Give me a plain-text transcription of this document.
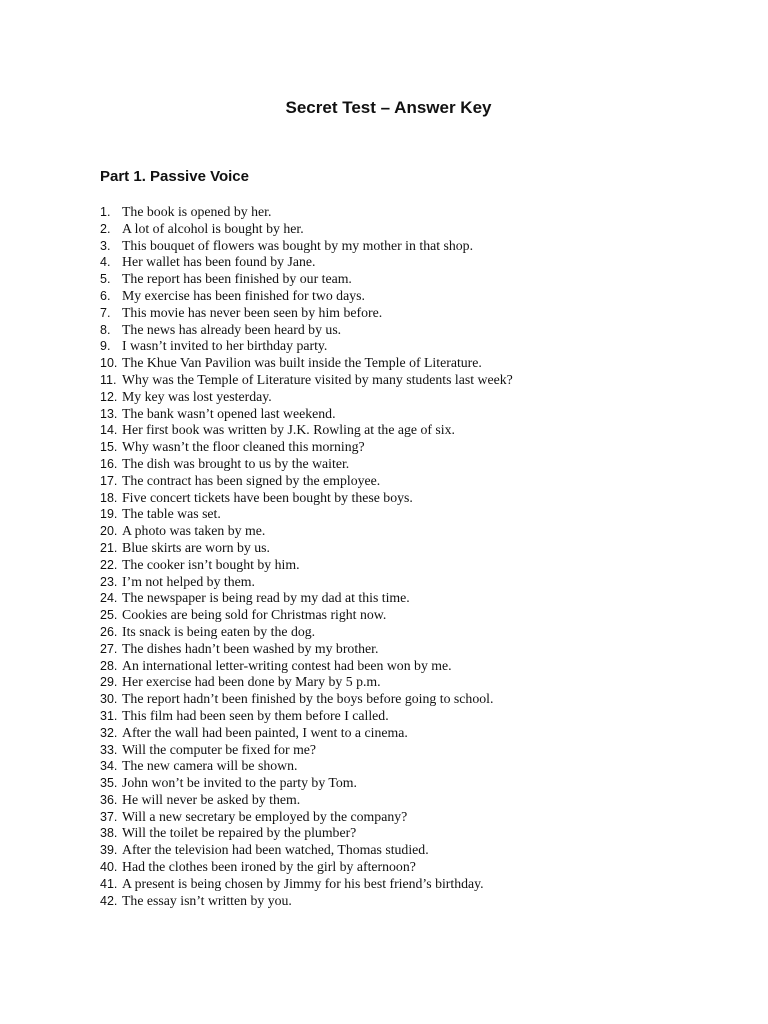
Secret Test – Answer Key
Part 1. Passive Voice
1. The book is opened by her.
2. A lot of alcohol is bought by her.
3. This bouquet of flowers was bought by my mother in that shop.
4. Her wallet has been found by Jane.
5. The report has been finished by our team.
6. My exercise has been finished for two days.
7. This movie has never been seen by him before.
8. The news has already been heard by us.
9. I wasn’t invited to her birthday party.
10. The Khue Van Pavilion was built inside the Temple of Literature.
11. Why was the Temple of Literature visited by many students last week?
12. My key was lost yesterday.
13. The bank wasn’t opened last weekend.
14. Her first book was written by J.K. Rowling at the age of six.
15. Why wasn’t the floor cleaned this morning?
16. The dish was brought to us by the waiter.
17. The contract has been signed by the employee.
18. Five concert tickets have been bought by these boys.
19. The table was set.
20. A photo was taken by me.
21. Blue skirts are worn by us.
22. The cooker isn’t bought by him.
23. I’m not helped by them.
24. The newspaper is being read by my dad at this time.
25. Cookies are being sold for Christmas right now.
26. Its snack is being eaten by the dog.
27. The dishes hadn’t been washed by my brother.
28. An international letter-writing contest had been won by me.
29. Her exercise had been done by Mary by 5 p.m.
30. The report hadn’t been finished by the boys before going to school.
31. This film had been seen by them before I called.
32. After the wall had been painted, I went to a cinema.
33. Will the computer be fixed for me?
34. The new camera will be shown.
35. John won’t be invited to the party by Tom.
36. He will never be asked by them.
37. Will a new secretary be employed by the company?
38. Will the toilet be repaired by the plumber?
39. After the television had been watched, Thomas studied.
40. Had the clothes been ironed by the girl by afternoon?
41. A present is being chosen by Jimmy for his best friend’s birthday.
42. The essay isn’t written by you.
